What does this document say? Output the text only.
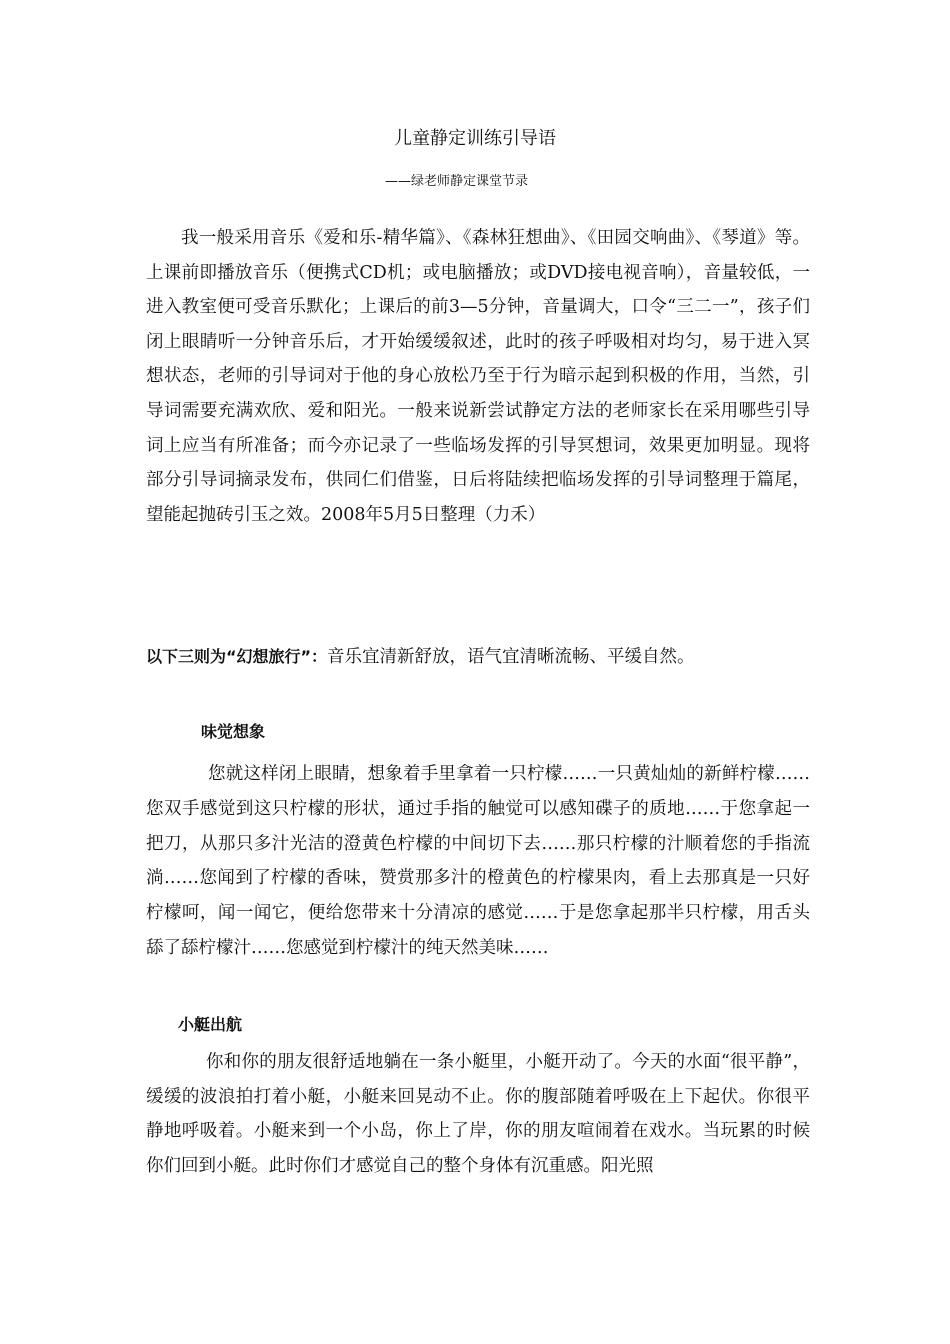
儿童静定训练引导语
——绿老师静定课堂节录

我一般采用音乐《爱和乐-精华篇》、《森林狂想曲》、《田园交响曲》、《琴道》等。上课前即播放音乐（便携式CD机；或电脑播放；或DVD接电视音响），音量较低，一进入教室便可受音乐默化；上课后的前3—5分钟，音量调大，口令“三二一”，孩子们闭上眼睛听一分钟音乐后，才开始缓缓叙述，此时的孩子呼吸相对均匀，易于进入冥想状态，老师的引导词对于他的身心放松乃至于行为暗示起到积极的作用，当然，引导词需要充满欢欣、爱和阳光。一般来说新尝试静定方法的老师家长在采用哪些引导词上应当有所准备；而今亦记录了一些临场发挥的引导冥想词，效果更加明显。现将部分引导词摘录发布，供同仁们借鉴，日后将陆续把临场发挥的引导词整理于篇尾，望能起抛砖引玉之效。2008年5月5日整理（力禾）

以下三则为“幻想旅行”：音乐宜清新舒放，语气宜清晰流畅、平缓自然。
味觉想象

您就这样闭上眼睛，想象着手里拿着一只柠檬……一只黄灿灿的新鲜柠檬……您双手感觉到这只柠檬的形状，通过手指的触觉可以感知碟子的质地……于您拿起一把刀，从那只多汁光洁的澄黄色柠檬的中间切下去……那只柠檬的汁顺着您的手指流淌……您闻到了柠檬的香味，赞赏那多汁的橙黄色的柠檬果肉，看上去那真是一只好柠檬呵，闻一闻它，便给您带来十分清凉的感觉……于是您拿起那半只柠檬，用舌头舔了舔柠檬汁……您感觉到柠檬汁的纯天然美味……

小艇出航

你和你的朋友很舒适地躺在一条小艇里，小艇开动了。今天的水面“很平静”，缓缓的波浪拍打着小艇，小艇来回晃动不止。你的腹部随着呼吸在上下起伏。你很平静地呼吸着。小艇来到一个小岛，你上了岸，你的朋友喧闹着在戏水。当玩累的时候你们回到小艇。此时你们才感觉自己的整个身体有沉重感。阳光照
